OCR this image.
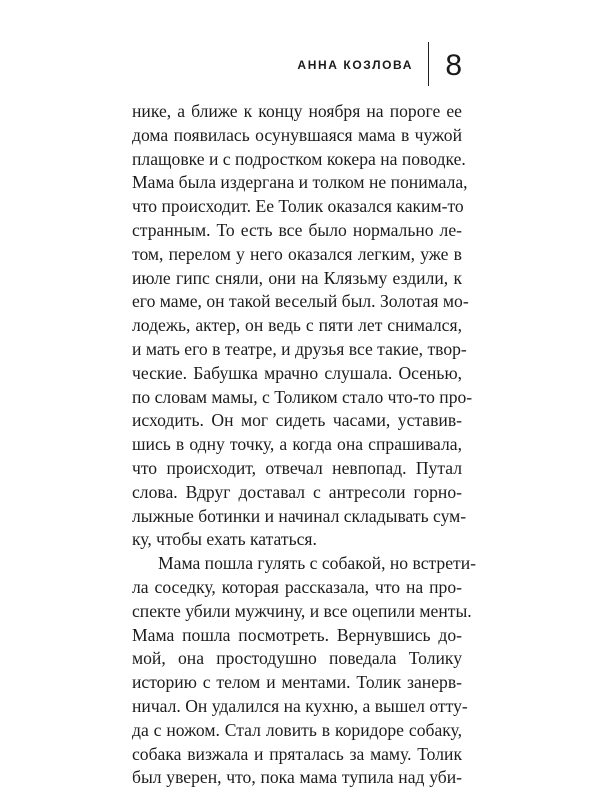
АННА КОЗЛОВА 8
нике, а ближе к концу ноября на пороге ее
дома появилась осунувшаяся мама в чужой
плащовке и с подростком кокера на поводке.
Мама была издергана и толком не понимала,
что происходит. Ее Толик оказался каким-то
странным. То есть все было нормально ле-
том, перелом у него оказался легким, уже в
июле гипс сняли, они на Клязьму ездили, к
его маме, он такой веселый был. Золотая мо-
лодежь, актер, он ведь с пяти лет снимался,
и мать его в театре, и друзья все такие, твор-
ческие. Бабушка мрачно слушала. Осенью,
по словам мамы, с Толиком стало что-то про-
исходить. Он мог сидеть часами, уставив-
шись в одну точку, а когда она спрашивала,
что происходит, отвечал невпопад. Путал
слова. Вдруг доставал с антресоли горно-
лыжные ботинки и начинал складывать сум-
ку, чтобы ехать кататься.
Мама пошла гулять с собакой, но встрети-
ла соседку, которая рассказала, что на про-
спекте убили мужчину, и все оцепили менты.
Мама пошла посмотреть. Вернувшись до-
мой, она простодушно поведала Толику
историю с телом и ментами. Толик занерв-
ничал. Он удалился на кухню, а вышел отту-
да с ножом. Стал ловить в коридоре собаку,
собака визжала и пряталась за маму. Толик
был уверен, что, пока мама тупила над уби-
